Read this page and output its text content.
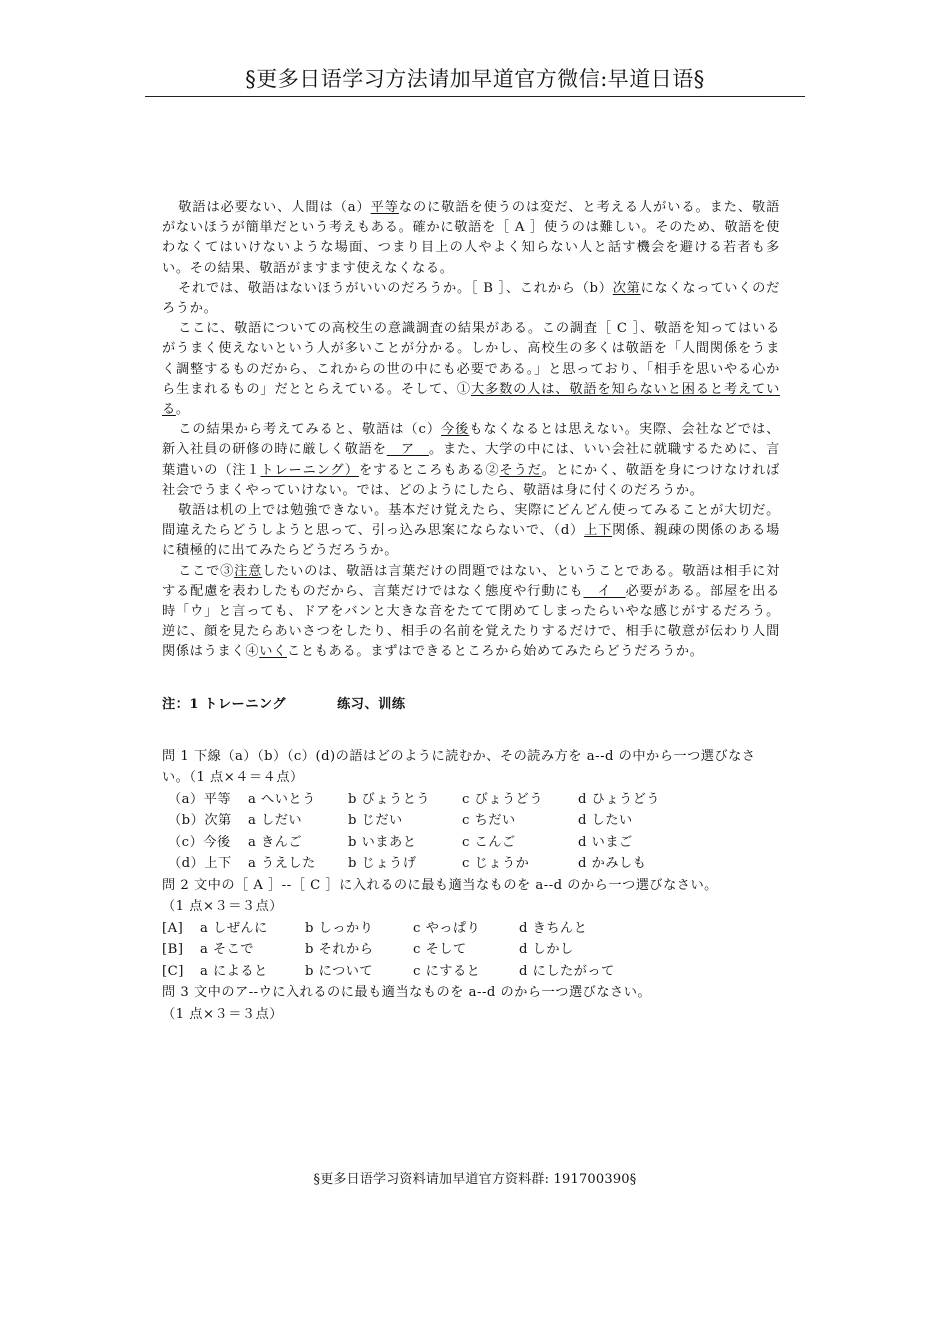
§更多日语学习方法请加早道官方微信:早道日语§

敬語は必要ない、人間は（a）平等なのに敬語を使うのは変だ、と考える人がいる。また、敬語がないほうが簡単だという考えもある。確かに敬語を［ A ］使うのは難しい。そのため、敬語を使わなくてはいけないような場面、つまり目上の人やよく知らない人と話す機会を避ける若者も多い。その結果、敬語がますます使えなくなる。

それでは、敬語はないほうがいいのだろうか。［ B ］、これから（b）次第になくなっていくのだろうか。

ここに、敬語についての高校生の意識調査の結果がある。この調査［ C ］、敬語を知ってはいるがうまく使えないという人が多いことが分かる。しかし、高校生の多くは敬語を「人間関係をうまく調整するものだから、これからの世の中にも必要である。」と思っており、「相手を思いやる心から生まれるもの」だととらえている。そして、①大多数の人は、敬語を知らないと困ると考えている。

この結果から考えてみると、敬語は（c）今後もなくなるとは思えない。実際、会社などでは、新入社員の研修の時に厳しく敬語を　ア　。また、大学の中には、いい会社に就職するために、言葉遣いの（注１トレーニング）をするところもある②そうだ。とにかく、敬語を身につけなければ社会でうまくやっていけない。では、どのようにしたら、敬語は身に付くのだろうか。

敬語は机の上では勉強できない。基本だけ覚えたら、実際にどんどん使ってみることが大切だ。間違えたらどうしようと思って、引っ込み思案にならないで、（d）上下関係、親疎の関係のある場に積極的に出てみたらどうだろうか。

ここで③注意したいのは、敬語は言葉だけの問題ではない、ということである。敬語は相手に対する配慮を表わしたものだから、言葉だけではなく態度や行動にも　イ　必要がある。部屋を出る時「ウ」と言っても、ドアをバンと大きな音をたてて閉めてしまったらいやな感じがするだろう。逆に、顔を見たらあいさつをしたり、相手の名前を覚えたりするだけで、相手に敬意が伝わり人間関係はうまく④いくこともある。まずはできるところから始めてみたらどうだろうか。

注：1 トレーニング	练习、训练

問 1 下線（a）（b）（c）(d)の語はどのように読むか、その読み方を a--d の中から一つ選びなさい。（1 点×４＝４点）

（a）平等	a へいとう	b びょうとう	c びょうどう	d ひょうどう
（b）次第	a しだい	b じだい	c ちだい	d したい
（c）今後	a きんご	b いまあと	c こんご	d いまご
（d）上下	a うえした	b じょうげ	c じょうか	d かみしも

問 2 文中の［ A ］--［ C ］に入れるのに最も適当なものを a--d のから一つ選びなさい。

（1 点×３＝３点）

[A]	a しぜんに	b しっかり	c やっぱり	d きちんと
[B]	a そこで	b それから	c そして	d しかし
[C]	a によると	b について	c にすると	d にしたがって

問 3 文中のア--ウに入れるのに最も適当なものを a--d のから一つ選びなさい。

（1 点×３＝３点）

§更多日语学习资料请加早道官方资料群: 191700390§
